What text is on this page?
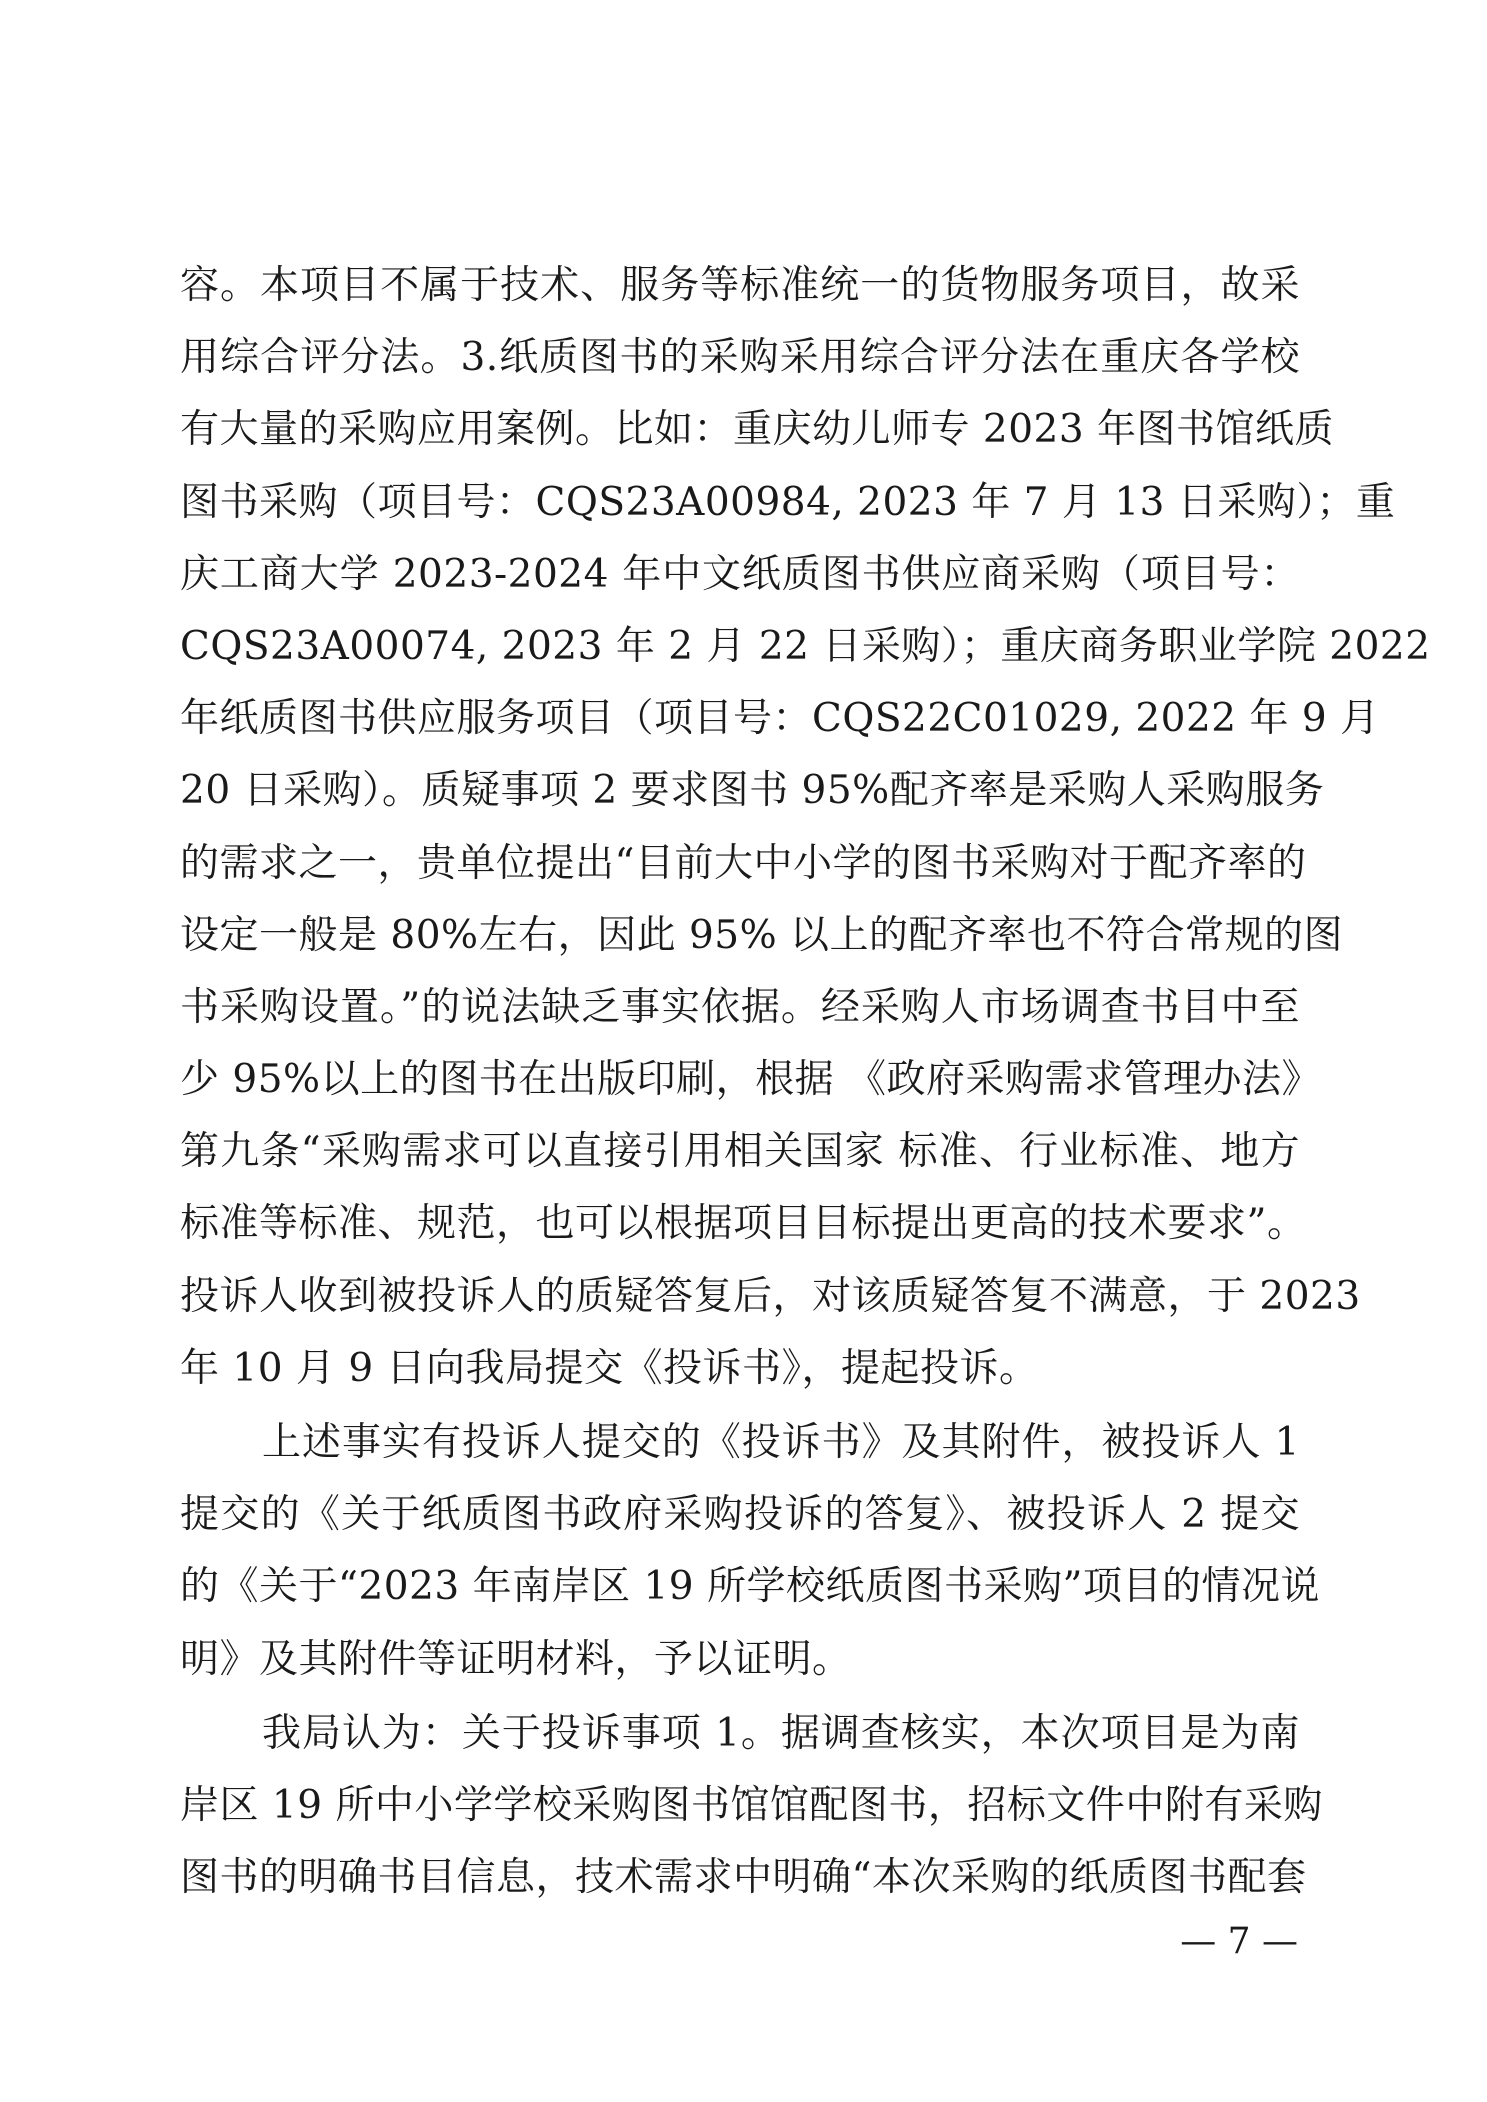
容。本项目不属于技术、服务等标准统一的货物服务项目，故采
用综合评分法。3.纸质图书的采购采用综合评分法在重庆各学校
有大量的采购应用案例。比如：重庆幼儿师专 2023 年图书馆纸质
图书采购（项目号：CQS23A00984, 2023 年 7 月 13 日采购）；重
庆工商大学 2023-2024 年中文纸质图书供应商采购（项目号：
CQS23A00074, 2023 年 2 月 22 日采购）；重庆商务职业学院 2022
年纸质图书供应服务项目（项目号：CQS22C01029, 2022 年 9 月
20 日采购）。质疑事项 2 要求图书 95%配齐率是采购人采购服务
的需求之一，贵单位提出“目前大中小学的图书采购对于配齐率的
设定一般是 80%左右，因此 95% 以上的配齐率也不符合常规的图
书采购设置。”的说法缺乏事实依据。经采购人市场调查书目中至
少 95%以上的图书在出版印刷，根据 《政府采购需求管理办法》
第九条“采购需求可以直接引用相关国家 标准、行业标准、地方
标准等标准、规范，也可以根据项目目标提出更高的技术要求”。
投诉人收到被投诉人的质疑答复后，对该质疑答复不满意，于 2023
年 10 月 9 日向我局提交《投诉书》，提起投诉。
上述事实有投诉人提交的《投诉书》及其附件，被投诉人 1
提交的《关于纸质图书政府采购投诉的答复》、被投诉人 2 提交
的《关于“2023 年南岸区 19 所学校纸质图书采购”项目的情况说
明》及其附件等证明材料，予以证明。
我局认为：关于投诉事项 1。据调查核实，本次项目是为南
岸区 19 所中小学学校采购图书馆馆配图书，招标文件中附有采购
图书的明确书目信息，技术需求中明确“本次采购的纸质图书配套
— 7 —
